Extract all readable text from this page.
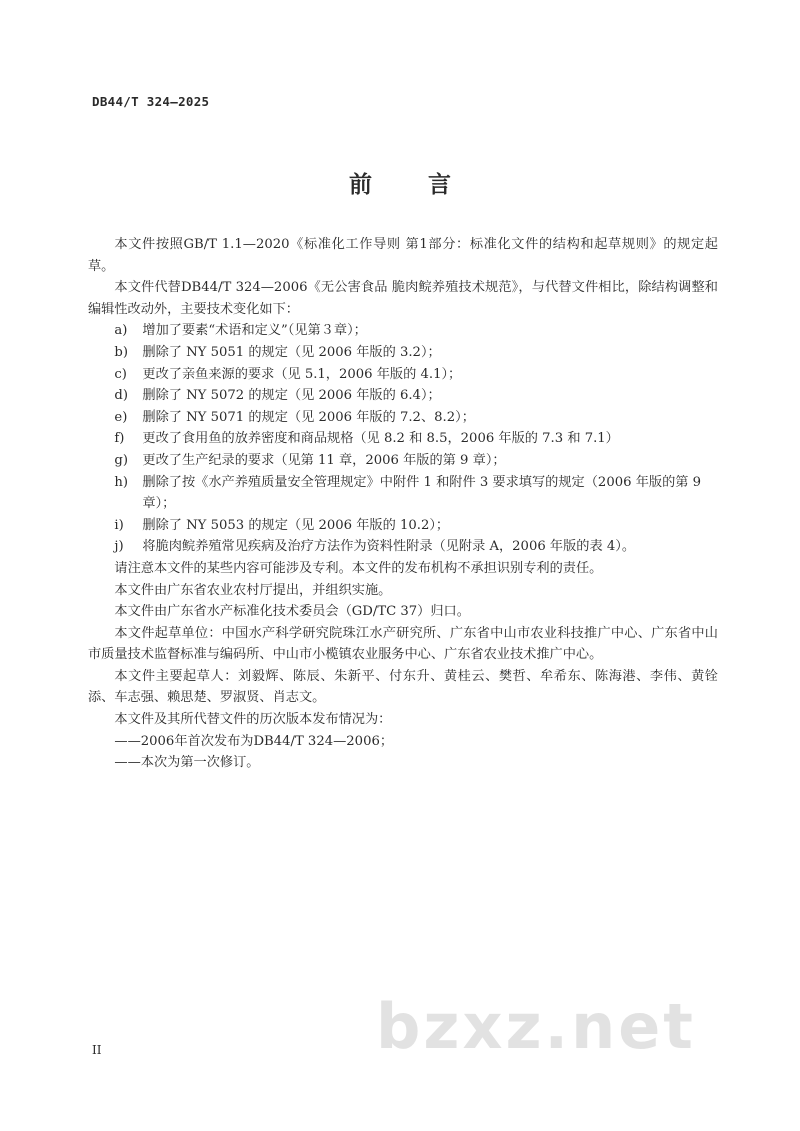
DB44/T 324—2025
前 言

本文件按照GB/T 1.1—2020《标准化工作导则 第1部分：标准化文件的结构和起草规则》的规定起草。

本文件代替DB44/T 324—2006《无公害食品 脆肉鲩养殖技术规范》，与代替文件相比，除结构调整和编辑性改动外，主要技术变化如下：

a)	增加了要素“术语和定义”（见第３章）；
b)	删除了 NY 5051 的规定（见 2006 年版的 3.2）；
c)	更改了亲鱼来源的要求（见 5.1，2006 年版的 4.1）；
d)	删除了 NY 5072 的规定（见 2006 年版的 6.4）；
e)	删除了 NY 5071 的规定（见 2006 年版的 7.2、8.2）；
f)	更改了食用鱼的放养密度和商品规格（见 8.2 和 8.5，2006 年版的 7.3 和 7.1）
g)	更改了生产纪录的要求（见第 11 章，2006 年版的第 9 章）；
h)	删除了按《水产养殖质量安全管理规定》中附件 1 和附件 3 要求填写的规定（2006 年版的第 9 章）；
i)	删除了 NY 5053 的规定（见 2006 年版的 10.2）；
j)	将脆肉鲩养殖常见疾病及治疗方法作为资料性附录（见附录 A，2006 年版的表 4）。

请注意本文件的某些内容可能涉及专利。本文件的发布机构不承担识别专利的责任。

本文件由广东省农业农村厅提出，并组织实施。

本文件由广东省水产标准化技术委员会（GD/TC 37）归口。

本文件起草单位：中国水产科学研究院珠江水产研究所、广东省中山市农业科技推广中心、广东省中山市质量技术监督标准与编码所、中山市小榄镇农业服务中心、广东省农业技术推广中心。

本文件主要起草人：刘毅辉、陈辰、朱新平、付东升、黄桂云、樊哲、牟希东、陈海港、李伟、黄铨添、车志强、赖思楚、罗淑贤、肖志文。

本文件及其所代替文件的历次版本发布情况为：

——2006年首次发布为DB44/T 324—2006；
——本次为第一次修订。
bzxz.net
II
